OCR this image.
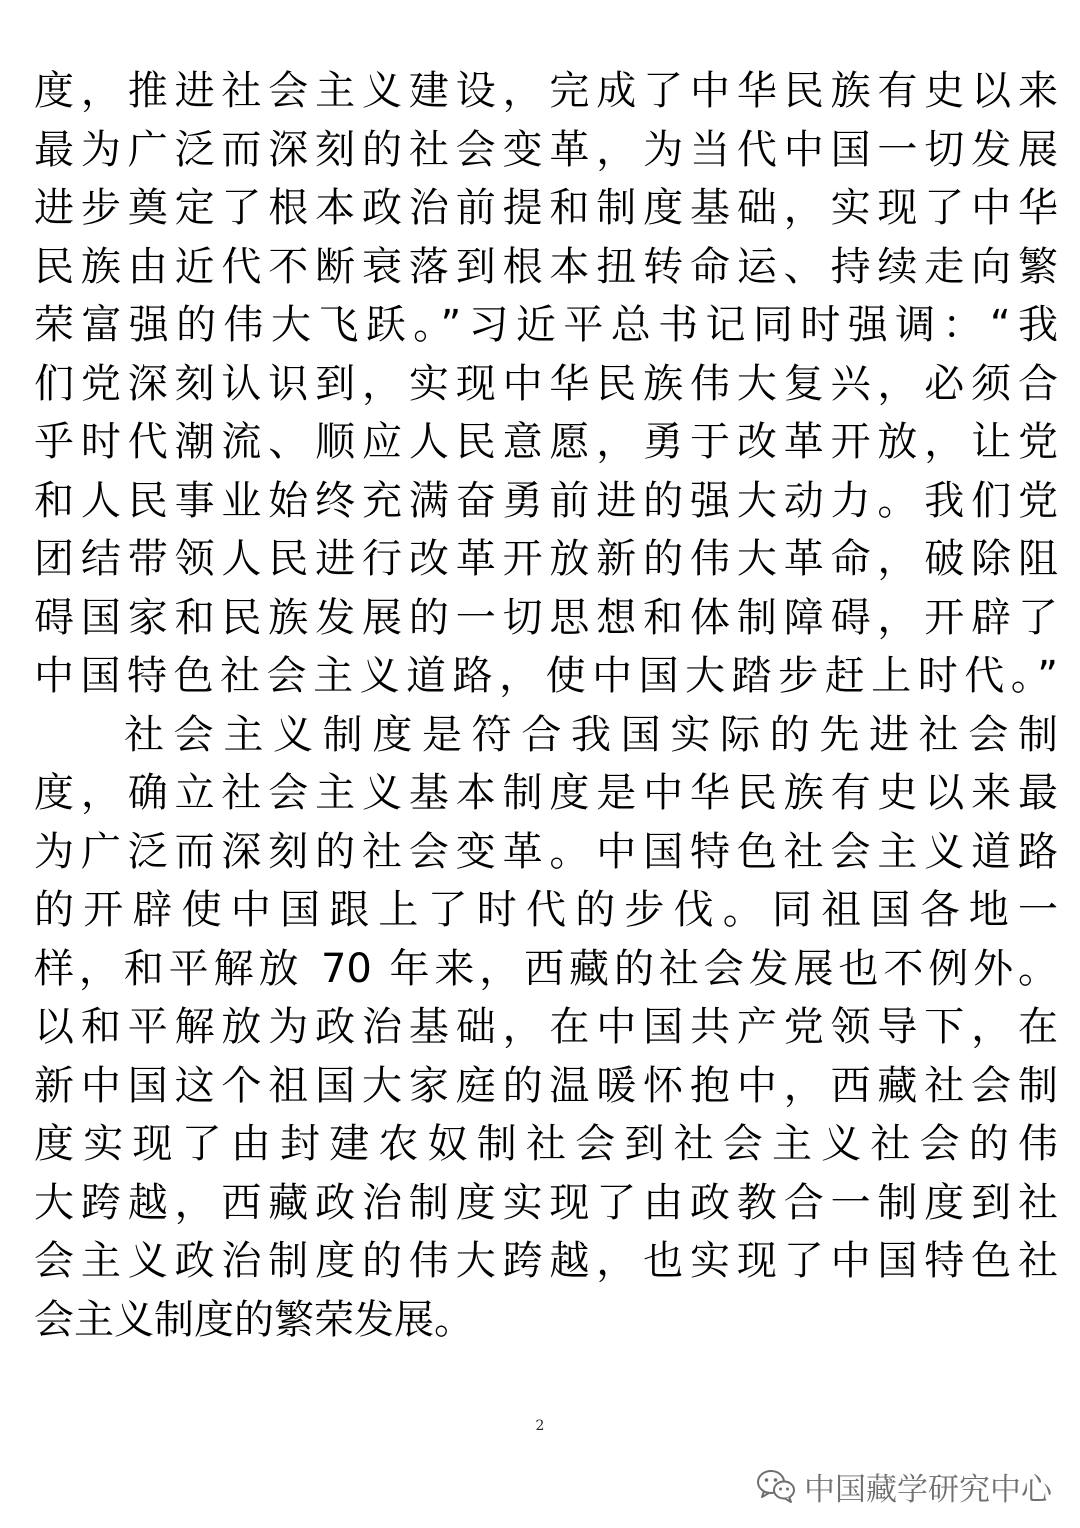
度，推进社会主义建设，完成了中华民族有史以来
最为广泛而深刻的社会变革，为当代中国一切发展
进步奠定了根本政治前提和制度基础，实现了中华
民族由近代不断衰落到根本扭转命运、持续走向繁
荣富强的伟大飞跃。”习近平总书记同时强调：“我
们党深刻认识到，实现中华民族伟大复兴，必须合
乎时代潮流、顺应人民意愿，勇于改革开放，让党
和人民事业始终充满奋勇前进的强大动力。我们党
团结带领人民进行改革开放新的伟大革命，破除阻
碍国家和民族发展的一切思想和体制障碍，开辟了
中国特色社会主义道路，使中国大踏步赶上时代。”
社会主义制度是符合我国实际的先进社会制
度，确立社会主义基本制度是中华民族有史以来最
为广泛而深刻的社会变革。中国特色社会主义道路
的开辟使中国跟上了时代的步伐。同祖国各地一
样，和平解放 70 年来，西藏的社会发展也不例外。
以和平解放为政治基础，在中国共产党领导下，在
新中国这个祖国大家庭的温暖怀抱中，西藏社会制
度实现了由封建农奴制社会到社会主义社会的伟
大跨越，西藏政治制度实现了由政教合一制度到社
会主义政治制度的伟大跨越，也实现了中国特色社
会主义制度的繁荣发展。
2
中国藏学研究中心
